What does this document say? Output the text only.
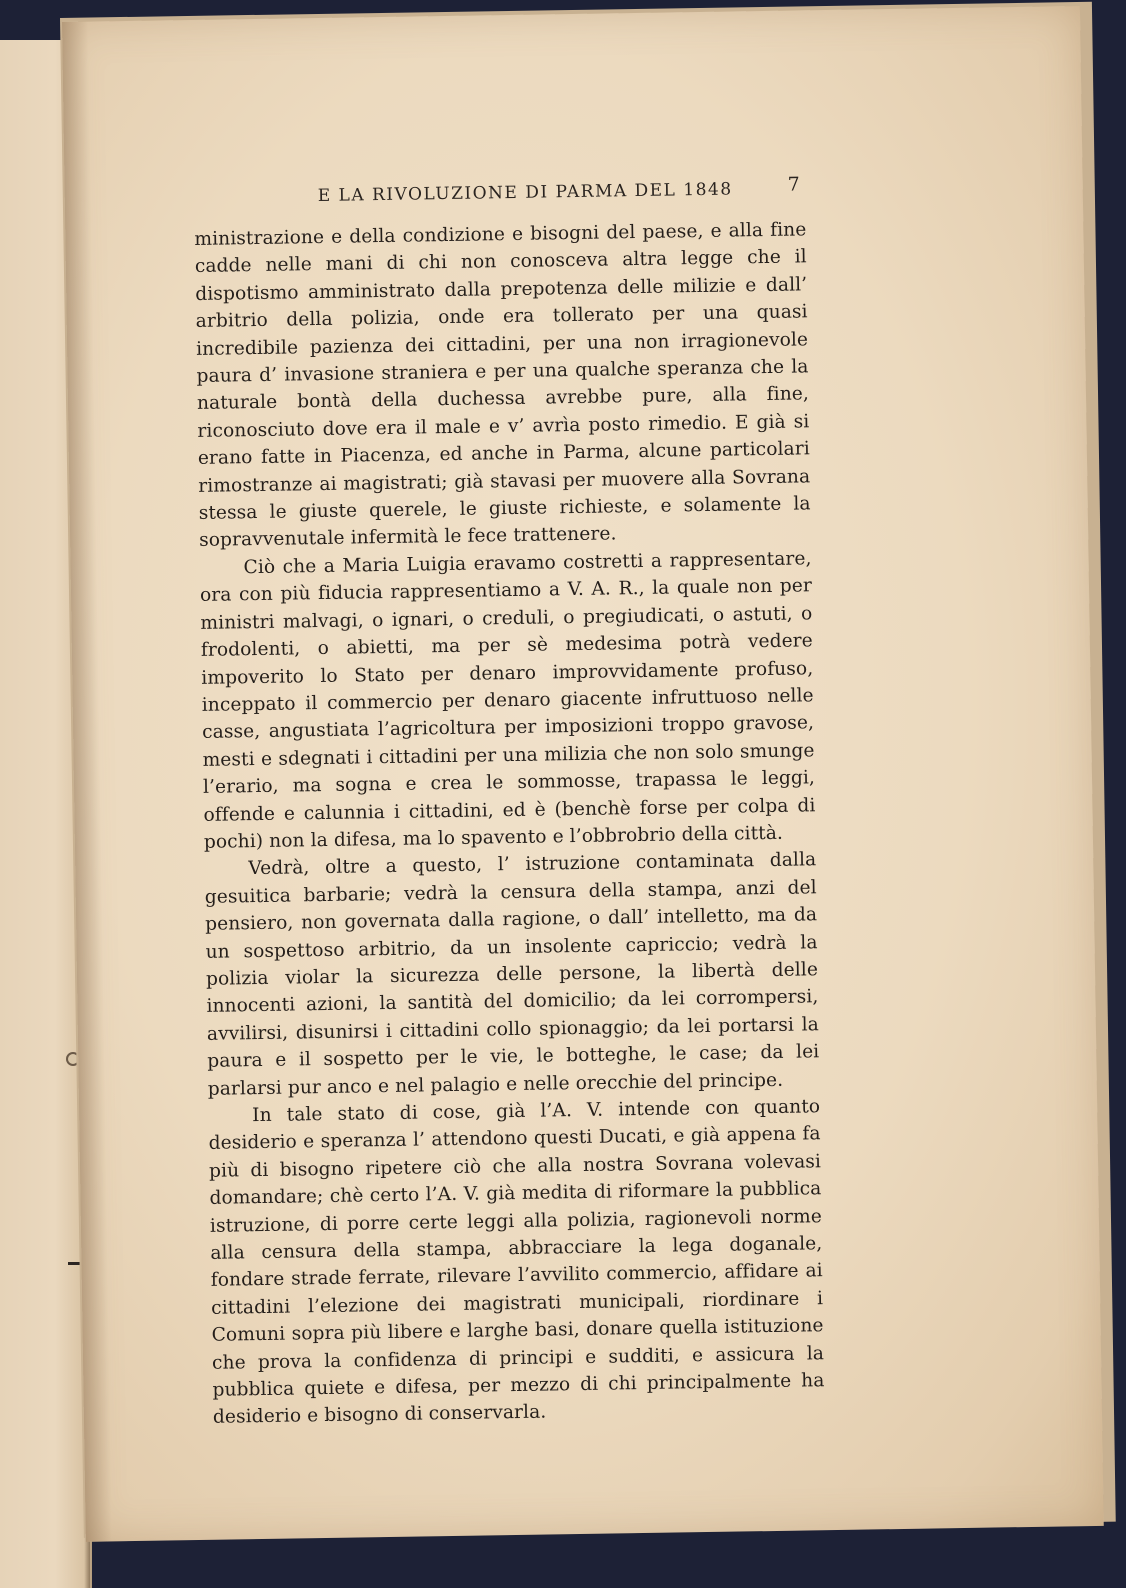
E LA RIVOLUZIONE DI PARMA DEL 1848	7

ministrazione e della condizione e bisogni del paese, e alla fine cadde nelle mani di chi non conosceva altra legge che il dispotismo amministrato dalla prepotenza delle milizie e dall’ arbitrio della polizia, onde era tollerato per una quasi incredibile pazienza dei cittadini, per una non irragionevole paura d’ invasione straniera e per una qualche speranza che la naturale bontà della duchessa avrebbe pure, alla fine, riconosciuto dove era il male e v’ avrìa posto rimedio. E già si erano fatte in Piacenza, ed anche in Parma, alcune particolari rimostranze ai magistrati; già stavasi per muovere alla Sovrana stessa le giuste querele, le giuste richieste, e solamente la sopravvenutale infermità le fece trattenere.

Ciò che a Maria Luigia eravamo costretti a rappresentare, ora con più fiducia rappresentiamo a V. A. R., la quale non per ministri malvagi, o ignari, o creduli, o pregiudicati, o astuti, o frodolenti, o abietti, ma per sè medesima potrà vedere impoverito lo Stato per denaro improvvidamente profuso, inceppato il commercio per denaro giacente infruttuoso nelle casse, angustiata l’agricoltura per imposizioni troppo gravose, mesti e sdegnati i cittadini per una milizia che non solo smunge l’erario, ma sogna e crea le sommosse, trapassa le leggi, offende e calunnia i cittadini, ed è (benchè forse per colpa di pochi) non la difesa, ma lo spavento e l’obbrobrio della città.

Vedrà, oltre a questo, l’ istruzione contaminata dalla gesuitica barbarie; vedrà la censura della stampa, anzi del pensiero, non governata dalla ragione, o dall’ intelletto, ma da un sospettoso arbitrio, da un insolente capriccio; vedrà la polizia violar la sicurezza delle persone, la libertà delle innocenti azioni, la santità del domicilio; da lei corrompersi, avvilirsi, disunirsi i cittadini collo spionaggio; da lei portarsi la paura e il sospetto per le vie, le botteghe, le case; da lei parlarsi pur anco e nel palagio e nelle orecchie del principe.

In tale stato di cose, già l’A. V. intende con quanto desiderio e speranza l’ attendono questi Ducati, e già appena fa più di bisogno ripetere ciò che alla nostra Sovrana volevasi domandare; chè certo l’A. V. già medita di riformare la pubblica istruzione, di porre certe leggi alla polizia, ragionevoli norme alla censura della stampa, abbracciare la lega doganale, fondare strade ferrate, rilevare l’avvilito commercio, affidare ai cittadini l’elezione dei magistrati municipali, riordinare i Comuni sopra più libere e larghe basi, donare quella istituzione che prova la confidenza di principi e sudditi, e assicura la pubblica quiete e difesa, per mezzo di chi principalmente ha desiderio e bisogno di conservarla.
